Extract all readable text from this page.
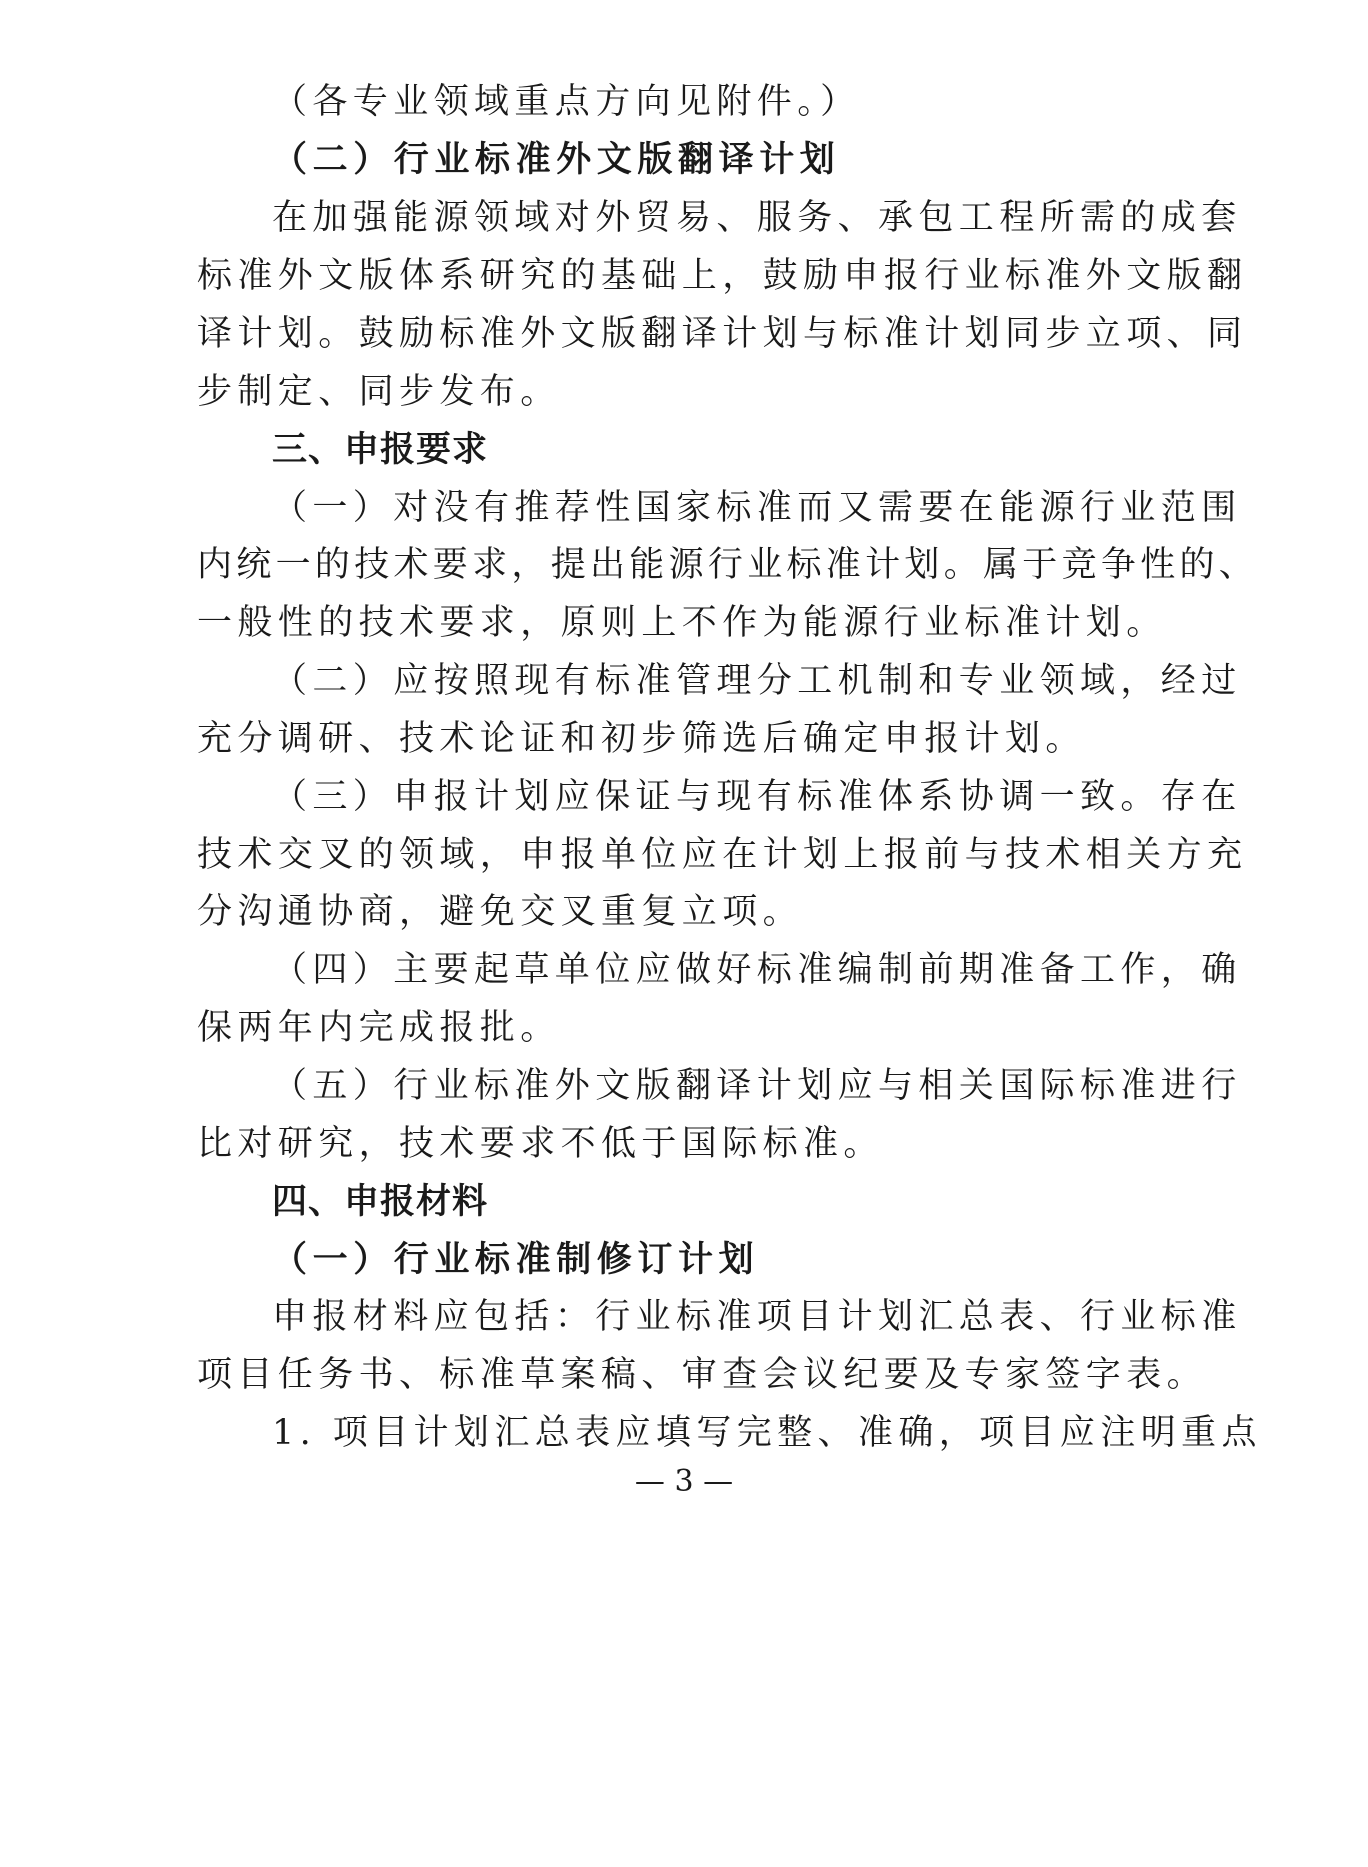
（各专业领域重点方向见附件。）
（二）行业标准外文版翻译计划
在加强能源领域对外贸易、服务、承包工程所需的成套
标准外文版体系研究的基础上，鼓励申报行业标准外文版翻
译计划。鼓励标准外文版翻译计划与标准计划同步立项、同
步制定、同步发布。
三、申报要求
（一）对没有推荐性国家标准而又需要在能源行业范围
内统一的技术要求，提出能源行业标准计划。属于竞争性的、
一般性的技术要求，原则上不作为能源行业标准计划。
（二）应按照现有标准管理分工机制和专业领域，经过
充分调研、技术论证和初步筛选后确定申报计划。
（三）申报计划应保证与现有标准体系协调一致。存在
技术交叉的领域，申报单位应在计划上报前与技术相关方充
分沟通协商，避免交叉重复立项。
（四）主要起草单位应做好标准编制前期准备工作，确
保两年内完成报批。
（五）行业标准外文版翻译计划应与相关国际标准进行
比对研究，技术要求不低于国际标准。
四、申报材料
（一）行业标准制修订计划
申报材料应包括：行业标准项目计划汇总表、行业标准
项目任务书、标准草案稿、审查会议纪要及专家签字表。
1. 项目计划汇总表应填写完整、准确，项目应注明重点
— 3 —
